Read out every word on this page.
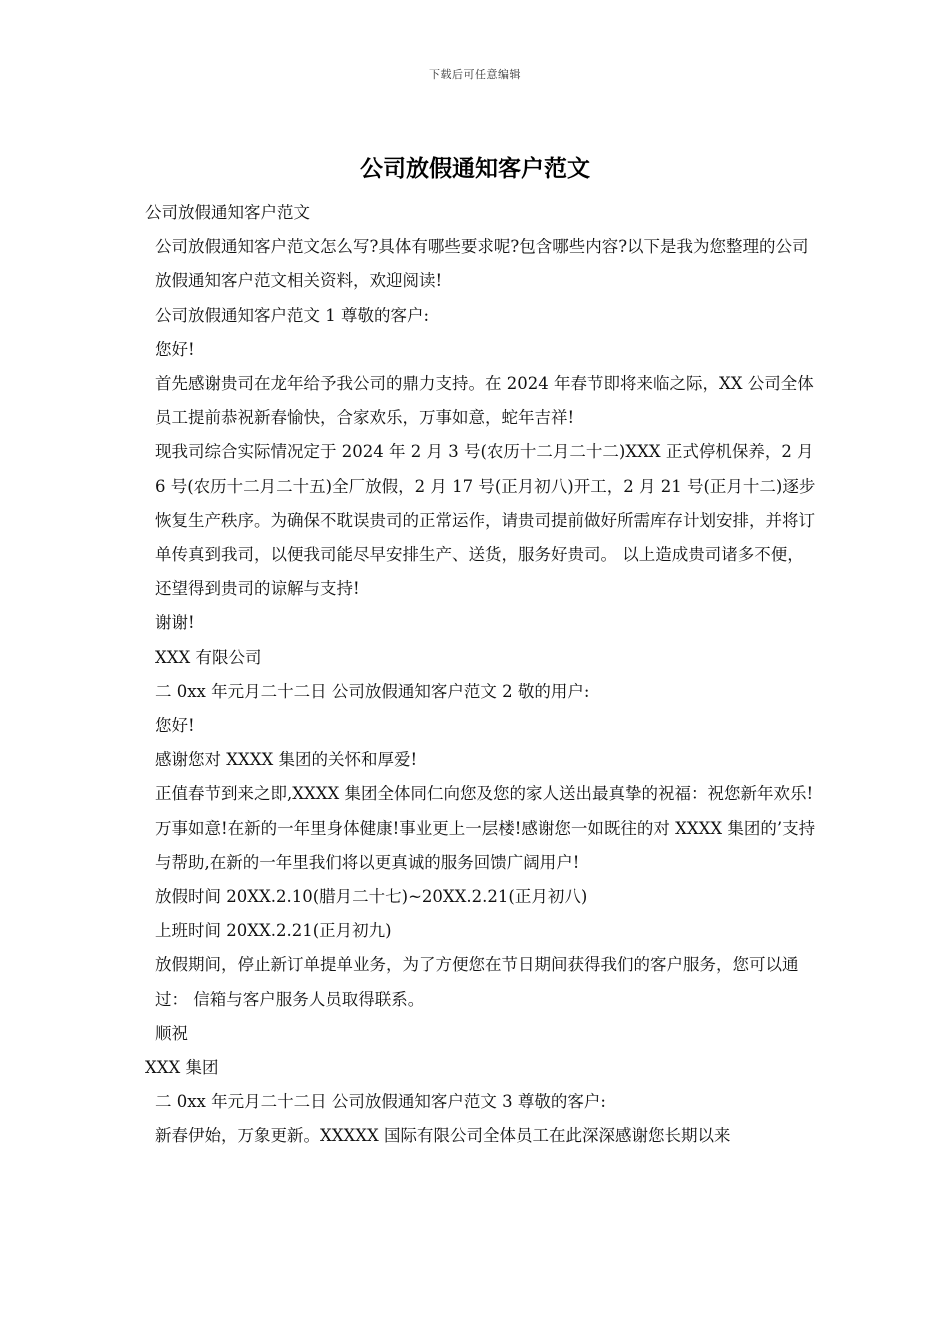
下载后可任意编辑
公司放假通知客户范文

公司放假通知客户范文

公司放假通知客户范文怎么写?具体有哪些要求呢?包含哪些内容?以下是我为您整理的公司放假通知客户范文相关资料，欢迎阅读!

公司放假通知客户范文 1 尊敬的客户:

您好!

首先感谢贵司在龙年给予我公司的鼎力支持。在 2024 年春节即将来临之际，XX 公司全体员工提前恭祝新春愉快，合家欢乐，万事如意，蛇年吉祥!

现我司综合实际情况定于 2024 年 2 月 3 号(农历十二月二十二)XXX 正式停机保养，2 月 6 号(农历十二月二十五)全厂放假，2 月 17 号(正月初八)开工，2 月 21 号(正月十二)逐步恢复生产秩序。为确保不耽误贵司的正常运作，请贵司提前做好所需库存计划安排，并将订单传真到我司，以便我司能尽早安排生产、送货，服务好贵司。 以上造成贵司诸多不便，还望得到贵司的谅解与支持!

谢谢!

XXX 有限公司

二 0xx 年元月二十二日 公司放假通知客户范文 2 敬的用户:

您好!

感谢您对 XXXX 集团的关怀和厚爱!

正值春节到来之即,XXXX 集团全体同仁向您及您的家人送出最真挚的祝福：祝您新年欢乐!万事如意!在新的一年里身体健康!事业更上一层楼!感谢您一如既往的对 XXXX 集团的’支持与帮助,在新的一年里我们将以更真诚的服务回馈广阔用户!

放假时间 20XX.2.10(腊月二十七)~20XX.2.21(正月初八)

上班时间 20XX.2.21(正月初九)

放假期间，停止新订单提单业务，为了方便您在节日期间获得我们的客户服务，您可以通过： 信箱与客户服务人员取得联系。

顺祝

XXX 集团

二 0xx 年元月二十二日 公司放假通知客户范文 3 尊敬的客户:

新春伊始，万象更新。XXXXX 国际有限公司全体员工在此深深感谢您长期以来
